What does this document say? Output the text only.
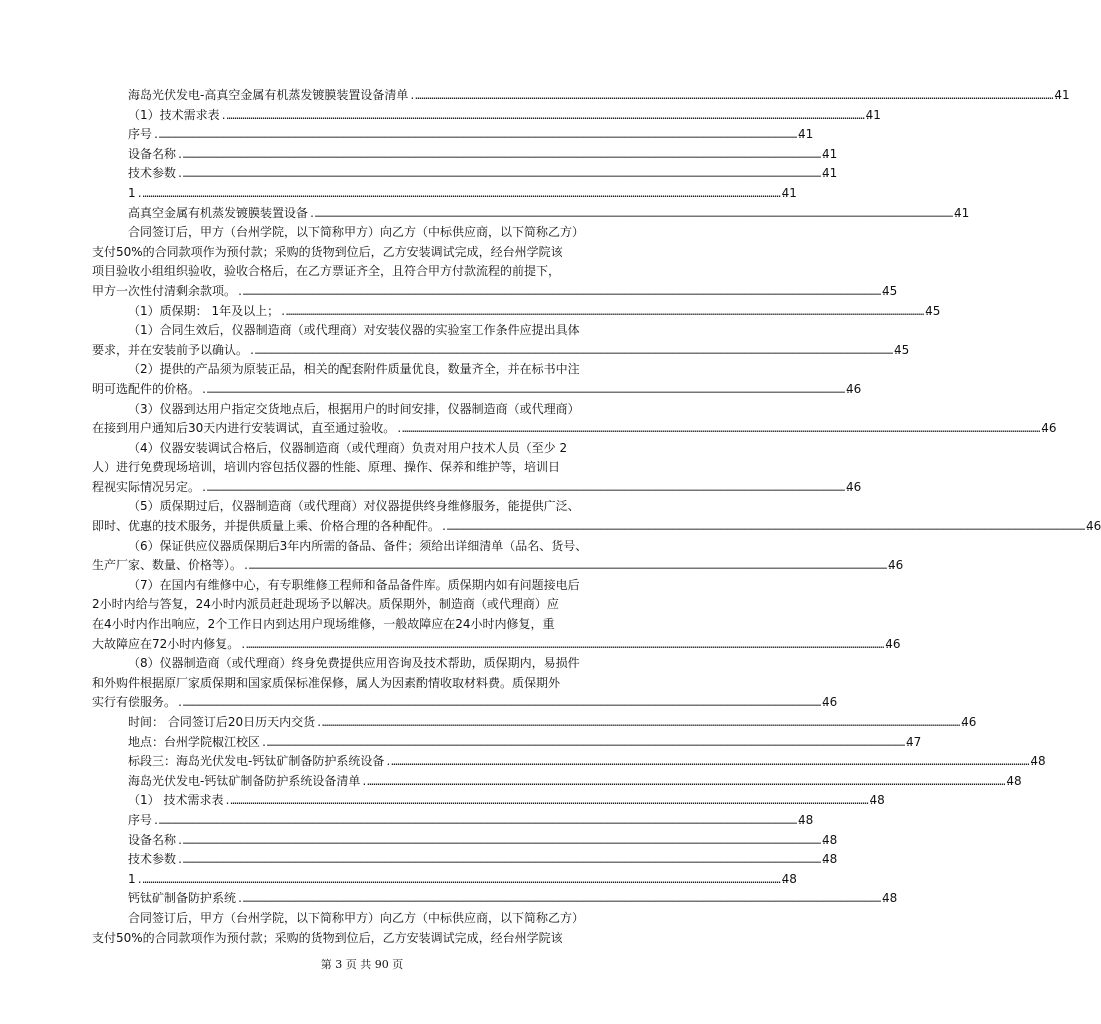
海岛光伏发电-高真空金属有机蒸发镀膜装置设备清单 ……………………………………………………………………………………………………………………………………………………………………………………………………………………………………………………………………………………………	41
（1）技术需求表 ……………………………………………………………………………………………………………………………………………………………………………………………………………………………………………………………………………………………	41
序号 ……………………………………………………………………………………………………………………………………………………………………………………………………………………………………………………………………………………………	41
设备名称 ……………………………………………………………………………………………………………………………………………………………………………………………………………………………………………………………………………………………	41
技术参数 ……………………………………………………………………………………………………………………………………………………………………………………………………………………………………………………………………………………………	41
1 ……………………………………………………………………………………………………………………………………………………………………………………………………………………………………………………………………………………………	41
高真空金属有机蒸发镀膜装置设备 ……………………………………………………………………………………………………………………………………………………………………………………………………………………………………………………………………………………………	41
合同签订后，甲方（台州学院，以下简称甲方）向乙方（中标供应商，以下简称乙方）
支付50%的合同款项作为预付款；采购的货物到位后，乙方安装调试完成，经台州学院该
项目验收小组组织验收，验收合格后，在乙方票证齐全，且符合甲方付款流程的前提下，
甲方一次性付清剩余款项。 ……………………………………………………………………………………………………………………………………………………………………………………………………………………………………………………………………………………………	45
（1）质保期： 1年及以上； ……………………………………………………………………………………………………………………………………………………………………………………………………………………………………………………………………………………………	45
（1）合同生效后，仪器制造商（或代理商）对安装仪器的实验室工作条件应提出具体
要求，并在安装前予以确认。 ……………………………………………………………………………………………………………………………………………………………………………………………………………………………………………………………………………………………	45
（2）提供的产品须为原装正品，相关的配套附件质量优良，数量齐全，并在标书中注
明可选配件的价格。 ……………………………………………………………………………………………………………………………………………………………………………………………………………………………………………………………………………………………	46
（3）仪器到达用户指定交货地点后，根据用户的时间安排，仪器制造商（或代理商）
在接到用户通知后30天内进行安装调试，直至通过验收。 ……………………………………………………………………………………………………………………………………………………………………………………………………………………………………………………………………………………………	46
（4）仪器安装调试合格后，仪器制造商（或代理商）负责对用户技术人员（至少 2
人）进行免费现场培训，培训内容包括仪器的性能、原理、操作、保养和维护等，培训日
程视实际情况另定。 ……………………………………………………………………………………………………………………………………………………………………………………………………………………………………………………………………………………………	46
（5）质保期过后，仪器制造商（或代理商）对仪器提供终身维修服务，能提供广泛、
即时、优惠的技术服务，并提供质量上乘、价格合理的各种配件。 ……………………………………………………………………………………………………………………………………………………………………………………………………………………………………………………………………………………………	46
（6）保证供应仪器质保期后3年内所需的备品、备件；须给出详细清单（品名、货号、
生产厂家、数量、价格等）。 ……………………………………………………………………………………………………………………………………………………………………………………………………………………………………………………………………………………………	46
（7）在国内有维修中心，有专职维修工程师和备品备件库。质保期内如有问题接电后
2小时内给与答复，24小时内派员赶赴现场予以解决。质保期外，制造商（或代理商）应
在4小时内作出响应，2个工作日内到达用户现场维修，一般故障应在24小时内修复，重
大故障应在72小时内修复。 ……………………………………………………………………………………………………………………………………………………………………………………………………………………………………………………………………………………………	46
（8）仪器制造商（或代理商）终身免费提供应用咨询及技术帮助，质保期内，易损件
和外购件根据原厂家质保期和国家质保标准保修，属人为因素酌情收取材料费。质保期外
实行有偿服务。 ……………………………………………………………………………………………………………………………………………………………………………………………………………………………………………………………………………………………	46
时间： 合同签订后20日历天内交货 ……………………………………………………………………………………………………………………………………………………………………………………………………………………………………………………………………………………………	46
地点：台州学院椒江校区 ……………………………………………………………………………………………………………………………………………………………………………………………………………………………………………………………………………………………	47
标段三：海岛光伏发电-钙钛矿制备防护系统设备 ……………………………………………………………………………………………………………………………………………………………………………………………………………………………………………………………………………………………	48
海岛光伏发电-钙钛矿制备防护系统设备清单 ……………………………………………………………………………………………………………………………………………………………………………………………………………………………………………………………………………………………	48
（1） 技术需求表 ……………………………………………………………………………………………………………………………………………………………………………………………………………………………………………………………………………………………	48
序号 ……………………………………………………………………………………………………………………………………………………………………………………………………………………………………………………………………………………………	48
设备名称 ……………………………………………………………………………………………………………………………………………………………………………………………………………………………………………………………………………………………	48
技术参数 ……………………………………………………………………………………………………………………………………………………………………………………………………………………………………………………………………………………………	48
1 ……………………………………………………………………………………………………………………………………………………………………………………………………………………………………………………………………………………………	48
钙钛矿制备防护系统 ……………………………………………………………………………………………………………………………………………………………………………………………………………………………………………………………………………………………	48
合同签订后，甲方（台州学院，以下简称甲方）向乙方（中标供应商，以下简称乙方）
支付50%的合同款项作为预付款；采购的货物到位后，乙方安装调试完成，经台州学院该
第 3 页 共 90 页
